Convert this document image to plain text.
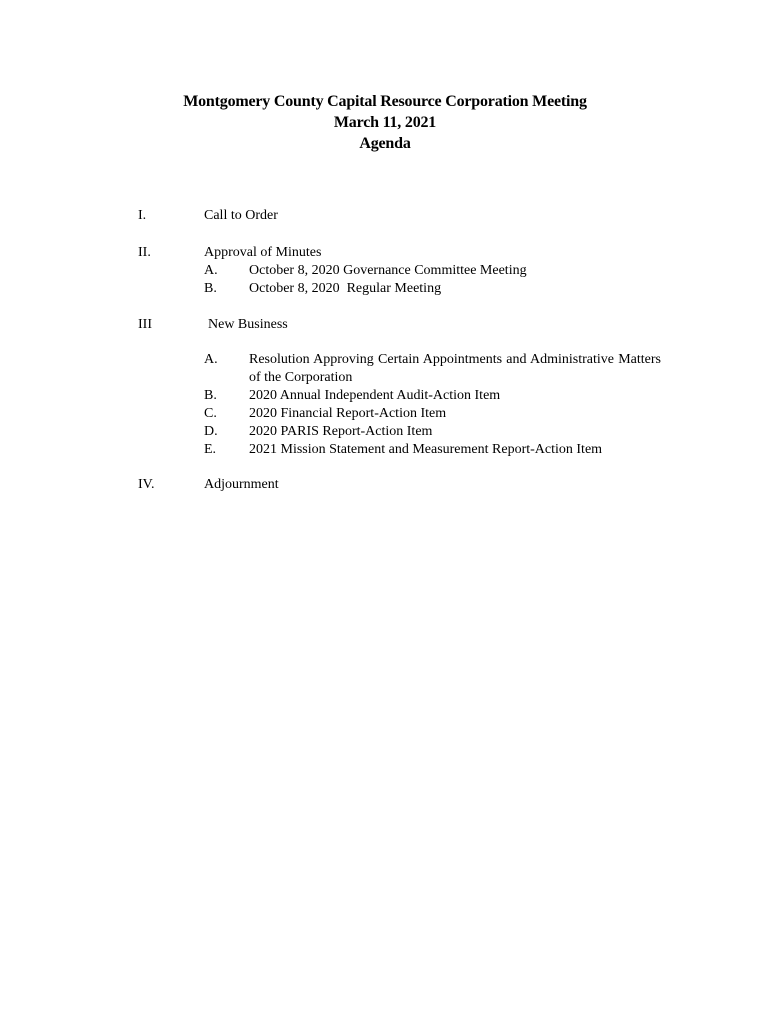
Montgomery County Capital Resource Corporation Meeting
March 11, 2021
Agenda
I.	Call to Order
II.	Approval of Minutes
A. October 8, 2020 Governance Committee Meeting
B. October 8, 2020  Regular Meeting
III	New Business
A. Resolution Approving Certain Appointments and Administrative Matters of the Corporation
B. 2020 Annual Independent Audit-Action Item
C. 2020 Financial Report-Action Item
D. 2020 PARIS Report-Action Item
E. 2021 Mission Statement and Measurement Report-Action Item
IV.	Adjournment
